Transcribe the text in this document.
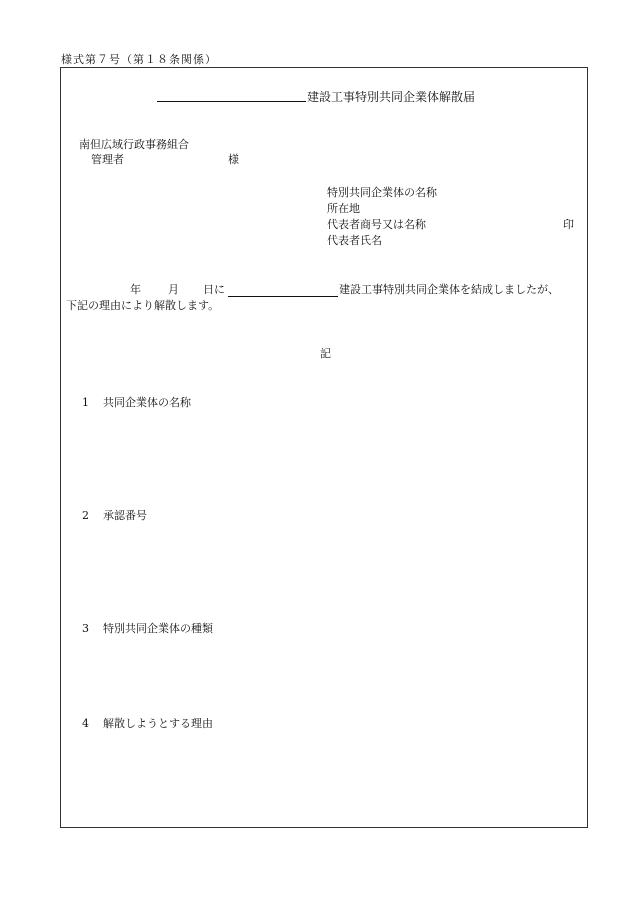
様式第７号（第１８条関係）
建設工事特別共同企業体解散届
南但広域行政事務組合
管理者	様
特別共同企業体の名称
所在地
代表者商号又は名称	印
代表者氏名
年 月 日に	建設工事特別共同企業体を結成しましたが、
下記の理由により解散します。
記
1 共同企業体の名称
2 承認番号
3 特別共同企業体の種類
4 解散しようとする理由
